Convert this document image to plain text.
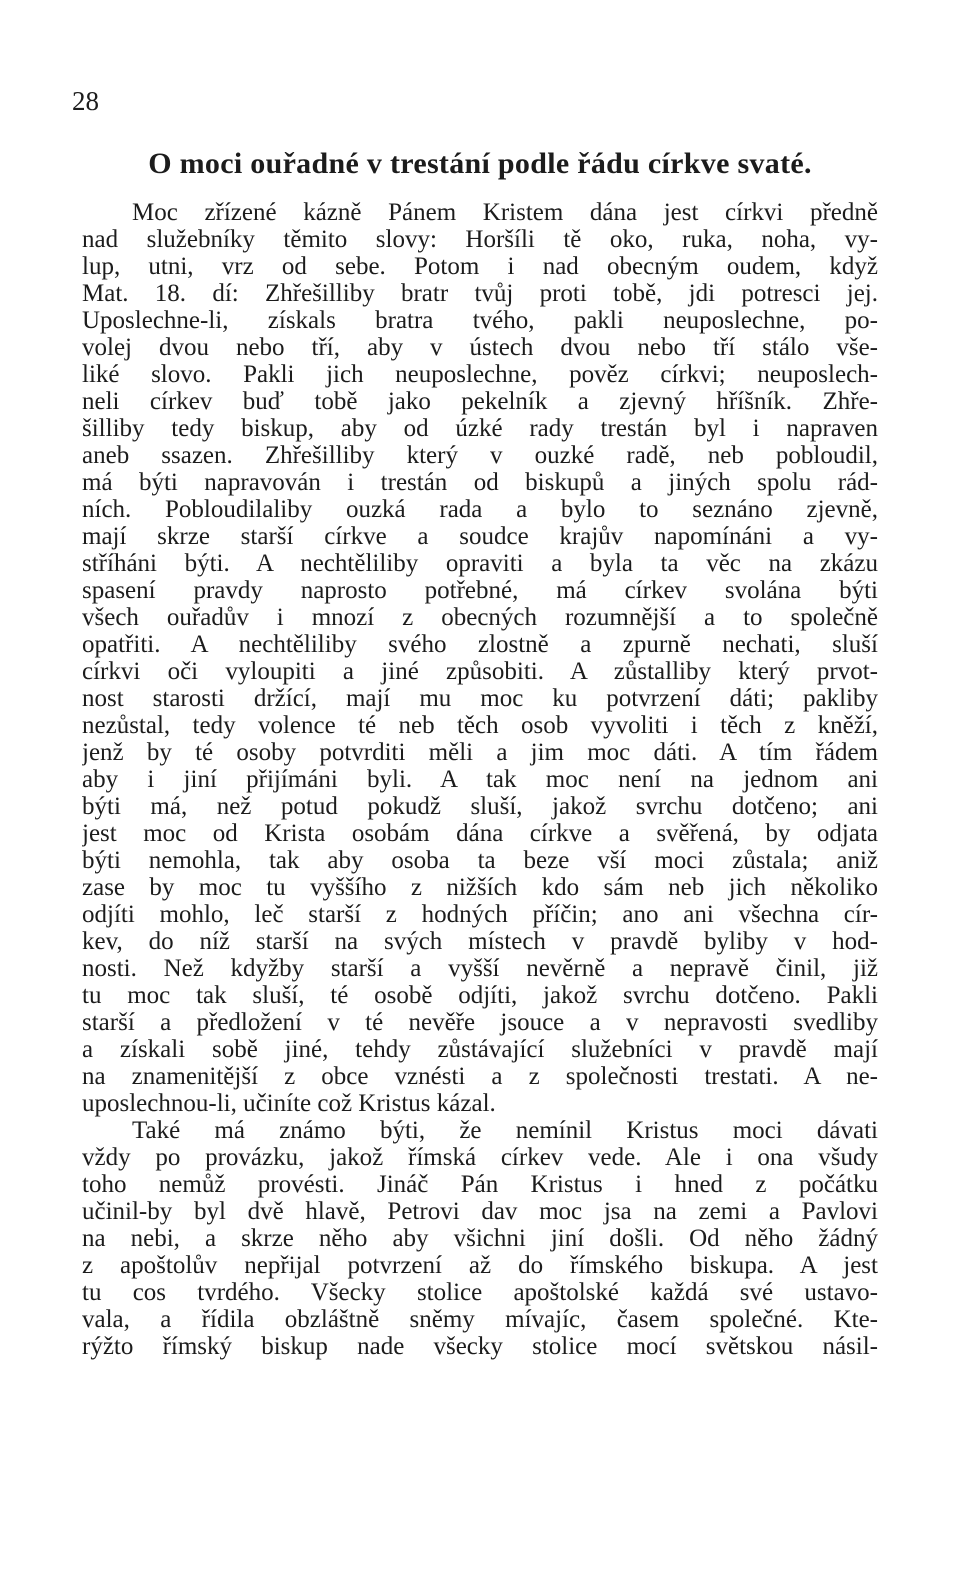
28
O moci ouřadné v trestání podle řádu církve svaté.
Moc zřízené kázně Pánem Kristem dána jest církvi předně
nad služebníky těmito slovy: Horšíli tě oko, ruka, noha, vy-
lup, utni, vrz od sebe. Potom i nad obecným oudem, když
Mat. 18. dí: Zhřešilliby bratr tvůj proti tobě, jdi potresci jej.
Uposlechne-li, získals bratra tvého, pakli neuposlechne, po-
volej dvou nebo tří, aby v ústech dvou nebo tří stálo vše-
liké slovo. Pakli jich neuposlechne, pověz církvi; neuposlech-
neli církev buď tobě jako pekelník a zjevný hříšník. Zhře-
šilliby tedy biskup, aby od úzké rady trestán byl i napraven
aneb ssazen. Zhřešilliby který v ouzké radě, neb pobloudil,
má býti napravován i trestán od biskupů a jiných spolu rád-
ních. Pobloudilaliby ouzká rada a bylo to seznáno zjevně,
mají skrze starší církve a soudce krajův napomínáni a vy-
stříháni býti. A nechtěliliby opraviti a byla ta věc na zkázu
spasení pravdy naprosto potřebné, má církev svolána býti
všech ouřadův i mnozí z obecných rozumnější a to společně
opatřiti. A nechtěliliby svého zlostně a zpurně nechati, sluší
církvi oči vyloupiti a jiné způsobiti. A zůstalliby který prvot-
nost starosti držící, mají mu moc ku potvrzení dáti; pakliby
nezůstal, tedy volence té neb těch osob vyvoliti i těch z kněží,
jenž by té osoby potvrditi měli a jim moc dáti. A tím řádem
aby i jiní přijímáni byli. A tak moc není na jednom ani
býti má, než potud pokudž sluší, jakož svrchu dotčeno; ani
jest moc od Krista osobám dána církve a svěřená, by odjata
býti nemohla, tak aby osoba ta beze vší moci zůstala; aniž
zase by moc tu vyššího z nižších kdo sám neb jich několiko
odjíti mohlo, leč starší z hodných příčin; ano ani všechna cír-
kev, do níž starší na svých místech v pravdě byliby v hod-
nosti. Než kdyžby starší a vyšší nevěrně a nepravě činil, již
tu moc tak sluší, té osobě odjíti, jakož svrchu dotčeno. Pakli
starší a předložení v té nevěře jsouce a v nepravosti svedliby
a získali sobě jiné, tehdy zůstávající služebníci v pravdě mají
na znamenitější z obce vznésti a z společnosti trestati. A ne-
uposlechnou-li, učiníte což Kristus kázal.
Také má známo býti, že nemínil Kristus moci dávati
vždy po provázku, jakož římská církev vede. Ale i ona všudy
toho nemůž provésti. Jináč Pán Kristus i hned z počátku
učinil-by byl dvě hlavě, Petrovi dav moc jsa na zemi a Pavlovi
na nebi, a skrze něho aby všichni jiní došli. Od něho žádný
z apoštolův nepřijal potvrzení až do římského biskupa. A jest
tu cos tvrdého. Všecky stolice apoštolské každá své ustavo-
vala, a řídila obzláštně sněmy mívajíc, časem společné. Kte-
rýžto římský biskup nade všecky stolice mocí světskou násil-
